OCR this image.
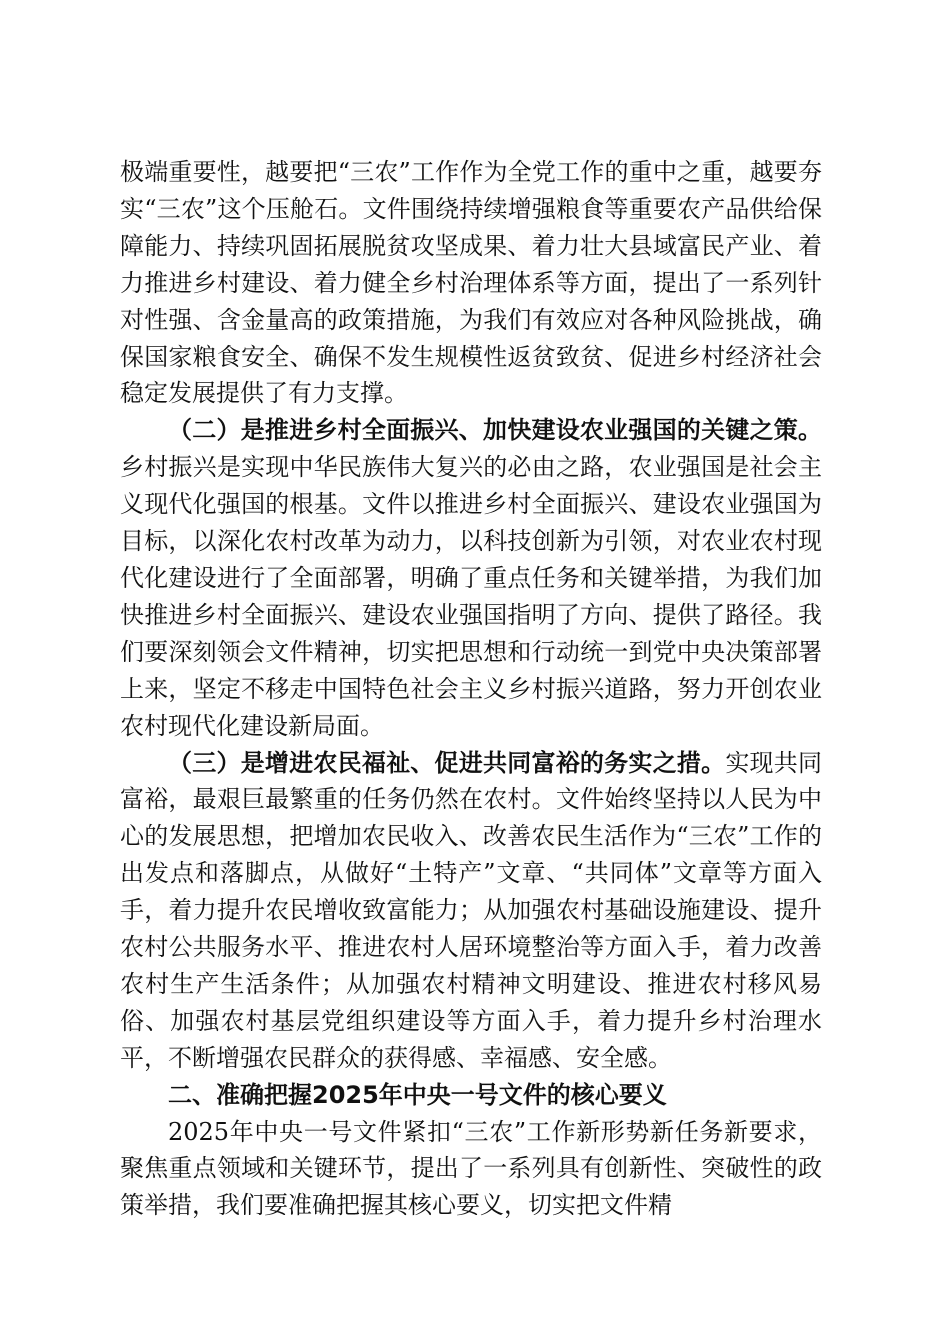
极端重要性，越要把“三农”工作作为全党工作的重中之重，越要夯实“三农”这个压舱石。文件围绕持续增强粮食等重要农产品供给保障能力、持续巩固拓展脱贫攻坚成果、着力壮大县域富民产业、着力推进乡村建设、着力健全乡村治理体系等方面，提出了一系列针对性强、含金量高的政策措施，为我们有效应对各种风险挑战，确保国家粮食安全、确保不发生规模性返贫致贫、促进乡村经济社会稳定发展提供了有力支撑。

（二）是推进乡村全面振兴、加快建设农业强国的关键之策。乡村振兴是实现中华民族伟大复兴的必由之路，农业强国是社会主义现代化强国的根基。文件以推进乡村全面振兴、建设农业强国为目标，以深化农村改革为动力，以科技创新为引领，对农业农村现代化建设进行了全面部署，明确了重点任务和关键举措，为我们加快推进乡村全面振兴、建设农业强国指明了方向、提供了路径。我们要深刻领会文件精神，切实把思想和行动统一到党中央决策部署上来，坚定不移走中国特色社会主义乡村振兴道路，努力开创农业农村现代化建设新局面。

（三）是增进农民福祉、促进共同富裕的务实之措。实现共同富裕，最艰巨最繁重的任务仍然在农村。文件始终坚持以人民为中心的发展思想，把增加农民收入、改善农民生活作为“三农”工作的出发点和落脚点，从做好“土特产”文章、“共同体”文章等方面入手，着力提升农民增收致富能力；从加强农村基础设施建设、提升农村公共服务水平、推进农村人居环境整治等方面入手，着力改善农村生产生活条件；从加强农村精神文明建设、推进农村移风易俗、加强农村基层党组织建设等方面入手，着力提升乡村治理水平，不断增强农民群众的获得感、幸福感、安全感。

二、准确把握2025年中央一号文件的核心要义

2025年中央一号文件紧扣“三农”工作新形势新任务新要求，聚焦重点领域和关键环节，提出了一系列具有创新性、突破性的政策举措，我们要准确把握其核心要义，切实把文件精
